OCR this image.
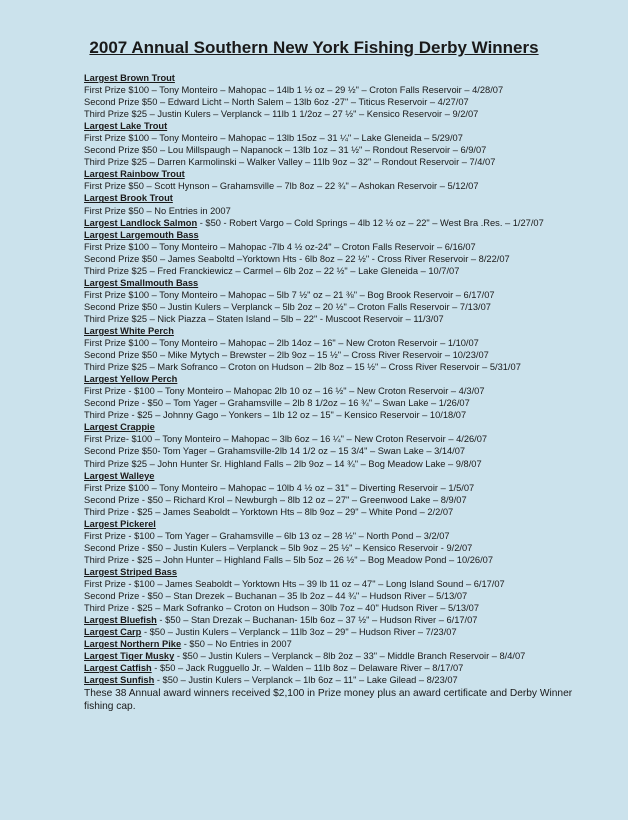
2007 Annual Southern New York Fishing Derby Winners
Largest Brown Trout
First Prize $100 – Tony Monteiro – Mahopac – 14lb 1 ½ oz – 29 ½" – Croton Falls Reservoir – 4/28/07
Second Prize $50 – Edward Licht – North Salem – 13lb 6oz -27" – Titicus Reservoir – 4/27/07
Third Prize $25 – Justin Kulers – Verplanck – 11lb 1 1/2oz – 27 ½" – Kensico Reservoir – 9/2/07
Largest Lake Trout
First Prize $100 – Tony Monteiro – Mahopac – 13lb 15oz – 31 ¼" – Lake Gleneida – 5/29/07
Second Prize $50 – Lou Millspaugh – Napanock – 13lb 1oz – 31 ½" – Rondout Reservoir – 6/9/07
Third Prize $25 – Darren Karmolinski – Walker Valley – 11lb 9oz – 32" – Rondout Reservoir – 7/4/07
Largest Rainbow Trout
First Prize $50 – Scott Hynson – Grahamsville – 7lb 8oz – 22 ¾" – Ashokan Reservoir – 5/12/07
Largest Brook Trout
First Prize $50 – No Entries in 2007
Largest Landlock Salmon - $50 - Robert Vargo – Cold Springs – 4lb 12 ½ oz – 22" – West Bra .Res. – 1/27/07
Largest Largemouth Bass
First Prize $100 – Tony Monteiro – Mahopac -7lb 4 ½ oz-24" – Croton Falls Reservoir – 6/16/07
Second Prize $50 – James Seaboltd –Yorktown Hts - 6lb 8oz – 22 ½" - Cross River Reservoir – 8/22/07
Third Prize $25 – Fred Franckiewicz – Carmel – 6lb 2oz – 22 ½" – Lake Gleneida – 10/7/07
Largest Smallmouth Bass
First Prize $100 – Tony Monteiro – Mahopac – 5lb 7 ½" oz – 21 ⅜" – Bog Brook Reservoir – 6/17/07
Second Prize $50 – Justin Kulers – Verplanck – 5lb 2oz – 20 ½" – Croton Falls Reservoir – 7/13/07
Third Prize $25 – Nick Piazza – Staten Island – 5lb – 22" - Muscoot Reservoir – 11/3/07
Largest White Perch
First Prize $100 – Tony Monteiro – Mahopac – 2lb 14oz – 16" – New Croton Reservoir – 1/10/07
Second Prize $50 – Mike Mytych – Brewster – 2lb 9oz – 15 ½" – Cross River Reservoir – 10/23/07
Third Prize $25 – Mark Sofranco – Croton on Hudson – 2lb 8oz – 15 ½" – Cross River Reservoir – 5/31/07
Largest Yellow Perch
First Prize - $100 – Tony Monteiro – Mahopac 2lb 10 oz – 16 ½" – New Croton Reservoir – 4/3/07
Second Prize - $50 – Tom Yager – Grahamsville – 2lb 8 1/2oz – 16 ¾" – Swan Lake – 1/26/07
Third Prize - $25 – Johnny Gago – Yonkers – 1lb 12 oz – 15" – Kensico Reservoir – 10/18/07
Largest Crappie
First Prize- $100 – Tony Monteiro – Mahopac – 3lb 6oz – 16 ¼" – New Croton Reservoir – 4/26/07
Second Prize $50- Tom Yager – Grahamsville-2lb 14 1/2 oz – 15 3/4" – Swan Lake – 3/14/07
Third Prize $25 – John Hunter Sr. Highland Falls – 2lb 9oz – 14 ¾" – Bog Meadow Lake – 9/8/07
Largest Walleye
First Prize $100 – Tony Monteiro – Mahopac – 10lb 4 ½ oz – 31" – Diverting Reservoir – 1/5/07
Second Prize - $50 – Richard Krol – Newburgh – 8lb 12 oz – 27" – Greenwood Lake – 8/9/07
Third Prize - $25 – James Seaboldt – Yorktown Hts – 8lb 9oz – 29" – White Pond – 2/2/07
Largest Pickerel
First Prize - $100 – Tom Yager – Grahamsville – 6lb 13 oz – 28 ½" – North Pond – 3/2/07
Second Prize - $50 – Justin Kulers – Verplanck – 5lb 9oz – 25 ½" – Kensico Reservoir - 9/2/07
Third Prize - $25 – John Hunter – Highland Falls – 5lb 5oz – 26 ½" – Bog Meadow Pond – 10/26/07
Largest Striped Bass
First Prize - $100 – James Seaboldt – Yorktown Hts – 39 lb 11 oz – 47" – Long Island Sound – 6/17/07
Second Prize - $50 – Stan Drezek – Buchanan – 35 lb 2oz – 44 ¾" – Hudson River – 5/13/07
Third Prize - $25 – Mark Sofranko – Croton on Hudson – 30lb 7oz – 40" Hudson River – 5/13/07
Largest Bluefish - $50 – Stan Drezak – Buchanan- 15lb 6oz – 37 ½" – Hudson River – 6/17/07
Largest Carp - $50 – Justin Kulers – Verplanck – 11lb 3oz – 29" – Hudson River – 7/23/07
Largest Northern Pike - $50 – No Entries in 2007
Largest Tiger Musky - $50 – Justin Kulers – Verplanck – 8lb 2oz – 33" – Middle Branch Reservoir – 8/4/07
Largest Catfish - $50 – Jack Rugguello Jr. – Walden – 11lb 8oz – Delaware River – 8/17/07
Largest Sunfish - $50 – Justin Kulers – Verplanck – 1lb 6oz – 11" – Lake Gilead – 8/23/07
These 38 Annual award winners received $2,100 in Prize money plus an award certificate and Derby Winner fishing cap.
